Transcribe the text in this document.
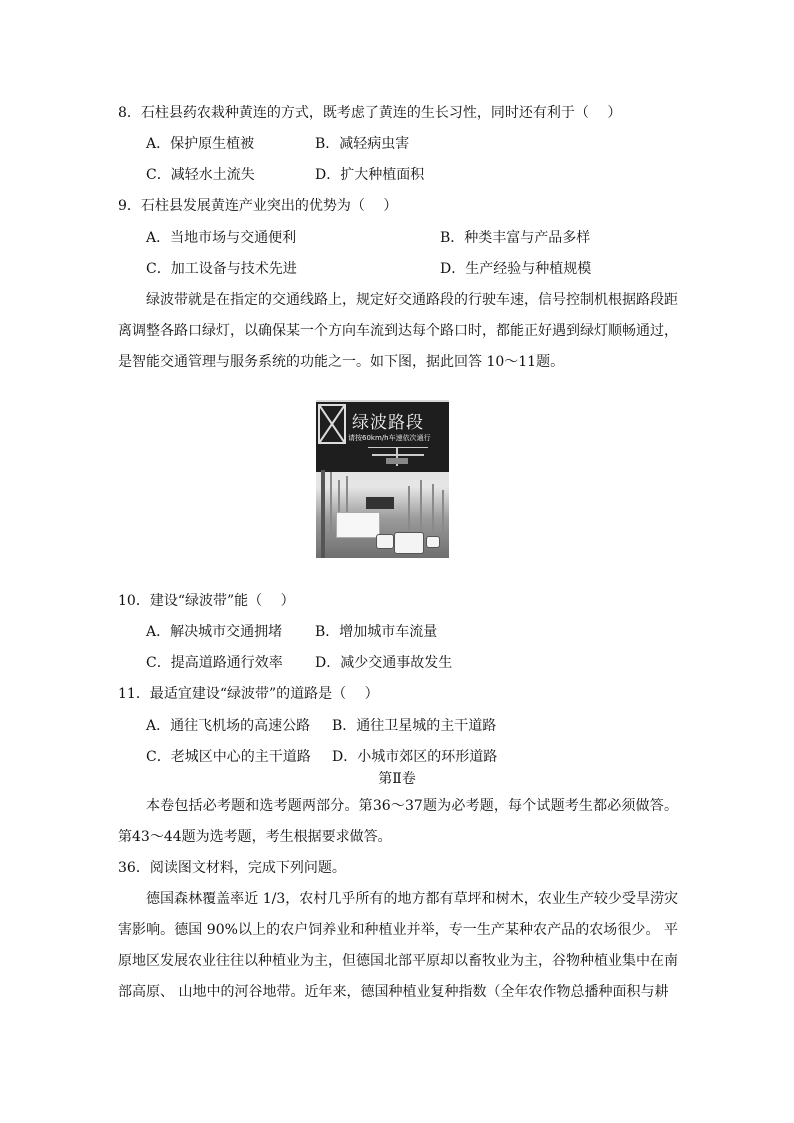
8．石柱县药农栽种黄连的方式，既考虑了黄连的生长习性，同时还有利于（　 ）
A．保护原生植被	B．减轻病虫害
C．减轻水土流失	D．扩大种植面积
9．石柱县发展黄连产业突出的优势为（　 ）
A．当地市场与交通便利	B．种类丰富与产品多样
C．加工设备与技术先进	D．生产经验与种植规模
绿波带就是在指定的交通线路上，规定好交通路段的行驶车速，信号控制机根据路段距离调整各路口绿灯，以确保某一个方向车流到达每个路口时，都能正好遇到绿灯顺畅通过，是智能交通管理与服务系统的功能之一。如下图，据此回答 10～11题。
绿波路段
请按60km/h车速依次通行
10．建设“绿波带”能（　 ）
A．解决城市交通拥堵 B．增加城市车流量
C．提高道路通行效率 D．减少交通事故发生
11．最适宜建设“绿波带”的道路是（　 ）
A．通往飞机场的高速公路 B．通往卫星城的主干道路
C．老城区中心的主干道路 D．小城市郊区的环形道路
第Ⅱ卷
本卷包括必考题和选考题两部分。第36～37题为必考题，每个试题考生都必须做答。第43～44题为选考题，考生根据要求做答。
36．阅读图文材料，完成下列问题。
德国森林覆盖率近 1/3，农村几乎所有的地方都有草坪和树木，农业生产较少受旱涝灾害影响。德国 90%以上的农户饲养业和种植业并举，专一生产某种农产品的农场很少。 平原地区发展农业往往以种植业为主，但德国北部平原却以畜牧业为主，谷物种植业集中在南部高原、 山地中的河谷地带。近年来，德国种植业复种指数（全年农作物总播种面积与耕
